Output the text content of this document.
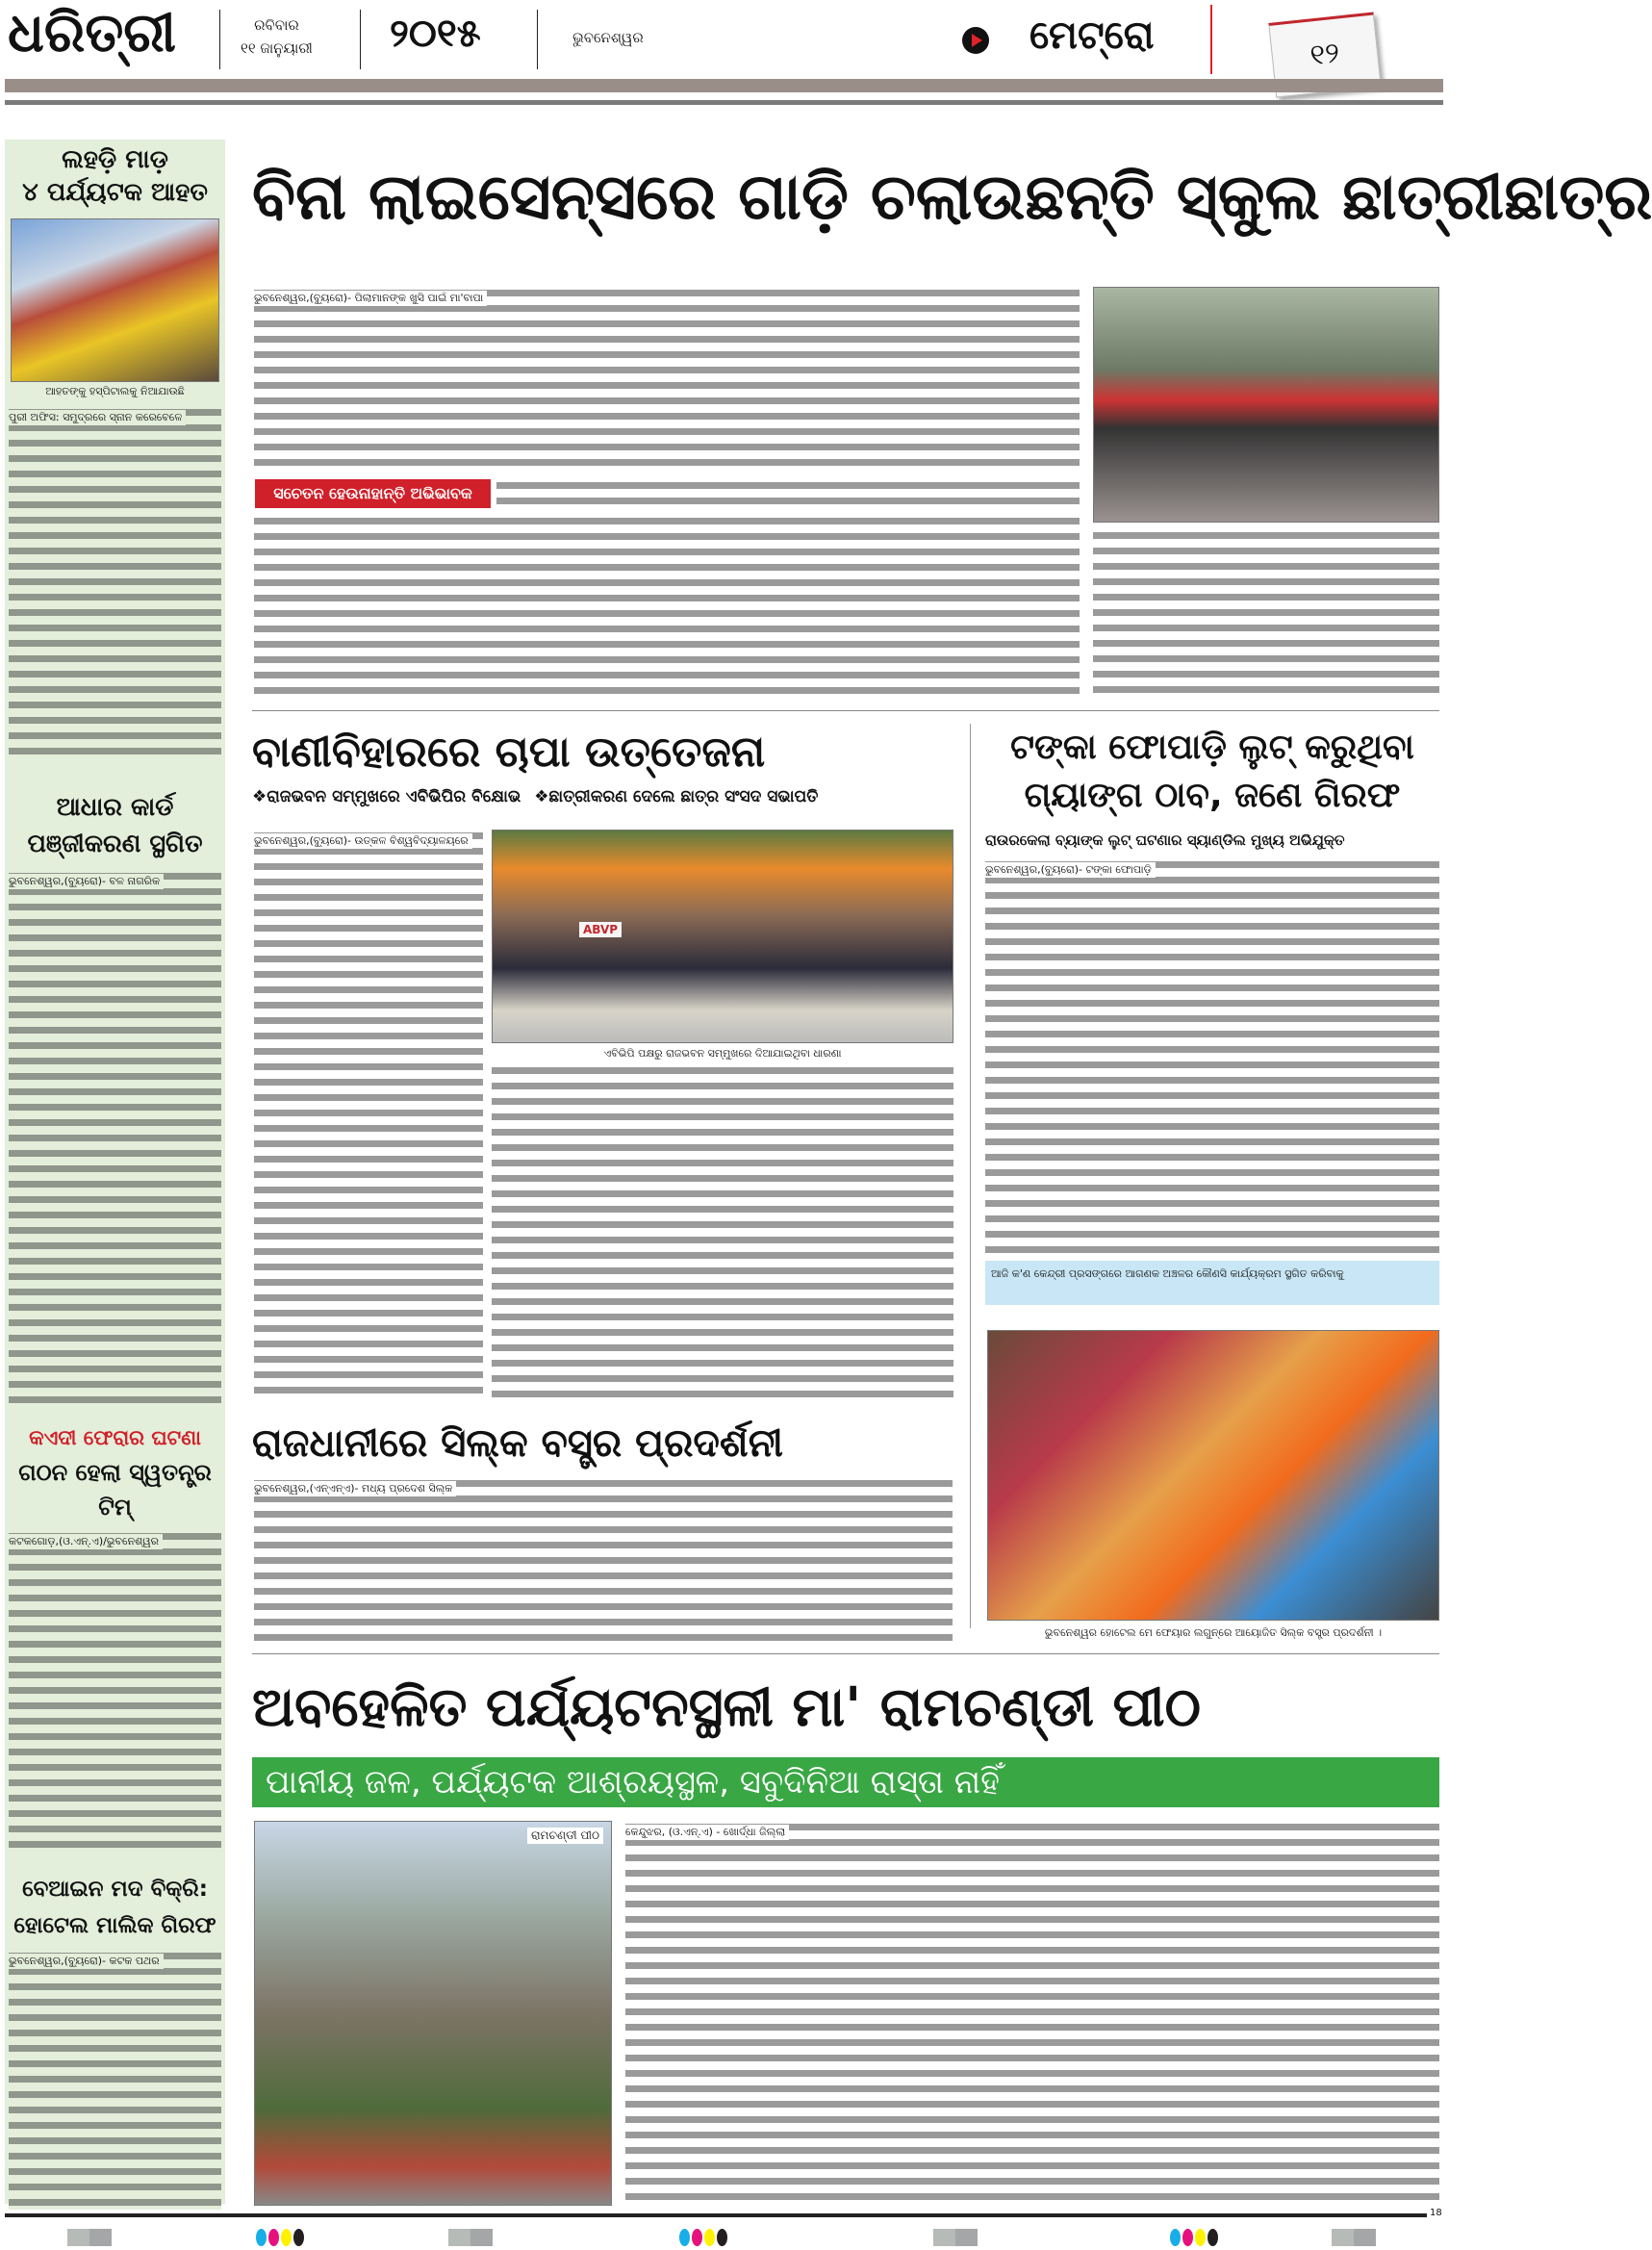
ଧରିତ୍ରୀ	ରବିବାର
୧୧ ଜାନୁୟାରୀ ୨୦୧୫	ଭୁବନେଶ୍ୱର	ମେଟ୍ରୋ	୧୨
ଲହଡ଼ି ମାଡ଼
୪ ପର୍ଯ୍ୟଟକ ଆହତ
ଆହତଙ୍କୁ ହସ୍ପିଟାଲକୁ ନିଆଯାଉଛି
ପୁରୀ ଅଫିସ: ସମୁଦ୍ରରେ ସ୍ନାନ କରେବେଳେ
ଆଧାର କାର୍ଡ
ପଞ୍ଜୀକରଣ ସ୍ଥଗିତ
ଭୁବନେଶ୍ୱର,(ବ୍ୟୁରୋ)- ବଳ ନାଗରିକ
କଏଦୀ ଫେରାର ଘଟଣା
ଗଠନ ହେଲା ସ୍ୱତନ୍ତ୍ର ଟିମ୍
କଟକଗୋଡ଼,(ଓ.ଏନ୍.ଏ)/ଭୁବନେଶ୍ୱର
ବେଆଇନ ମଦ ବିକ୍ରି:
ହୋଟେଲ ମାଲିକ ଗିରଫ
ଭୁବନେଶ୍ୱର,(ବ୍ୟୁରୋ)- କଟକ ପଥର
ବିନା ଲାଇସେନ୍ସରେ ଗାଡ଼ି ଚଲାଉଛନ୍ତି ସ୍କୁଲ ଛାତ୍ରୀଛାତ୍ର
ଭୁବନେଶ୍ୱର,(ବ୍ୟୁରୋ)- ପିଲାମାନଙ୍କ ଖୁସି ପାଇଁ ମା'ବାପା
ସଚେତନ ହେଉନାହାନ୍ତି ଅଭିଭାବକ
ବାଣୀବିହାରରେ ଚାପା ଉତ୍ତେଜନା
❖ରାଜଭବନ ସମ୍ମୁଖରେ ଏବିଭିପିର ବିକ୍ଷୋଭ ❖ଛାତ୍ରୀକରଣ ଦେଲେ ଛାତ୍ର ସଂସଦ ସଭାପତି
ଭୁବନେଶ୍ୱର,(ବ୍ୟୁରୋ)- ଉତ୍କଳ ବିଶ୍ୱବିଦ୍ୟାଳୟରେ
ABVP
ଏବିଭିପି ପକ୍ଷରୁ ରାଜଭବନ ସମ୍ମୁଖରେ ଦିଆଯାଇଥିବା ଧାରଣା
ଟଙ୍କା ଫୋପାଡ଼ି ଲୁଟ୍ କରୁଥିବା
ଗ୍ୟାଙ୍ଗ ଠାବ, ଜଣେ ଗିରଫ
ରାଉରକେଲା ବ୍ୟାଙ୍କ ଲୁଟ୍ ଘଟଣାର ସ୍ୟାଣ୍ଡିଲ ମୁଖ୍ୟ ଅଭିଯୁକ୍ତ
ଭୁବନେଶ୍ୱର,(ବ୍ୟୁରୋ)- ଟଙ୍କା ଫୋପାଡ଼ି
ଆଜି କ'ଣ କେନ୍ଦ୍ରୀ ପ୍ରସଙ୍ଗରେ ଆଗଣକ ଅଞ୍ଚଳର କୌଣସି କାର୍ଯ୍ୟକ୍ରମ ସ୍ଥଗିତ କରିବାକୁ
ଭୁବନେଶ୍ୱର ହୋଟେଲ ମେ ଫେୟାର ଲଗୁନ୍‌ରେ ଆୟୋଜିତ ସିଲ୍କ ବସ୍ତ୍ର ପ୍ରଦର୍ଶନୀ ।
ରାଜଧାନୀରେ ସିଲ୍କ ବସ୍ତ୍ର ପ୍ରଦର୍ଶନୀ
ଭୁବନେଶ୍ୱର,(ଏନ୍‌ଏନ୍‌ଏ)- ମଧ୍ୟ ପ୍ରଦେଶ ସିଲ୍କ
ଅବହେଳିତ ପର୍ଯ୍ୟଟନସ୍ଥଳୀ ମା' ରାମଚଣ୍ଡୀ ପୀଠ
ପାନୀୟ ଜଳ, ପର୍ଯ୍ୟଟକ ଆଶ୍ରୟସ୍ଥଳ, ସବୁଦିନିଆ ରାସ୍ତା ନାହିଁ
ରାମଚଣ୍ଡୀ ପୀଠ	କେନ୍ଦୁଝର, (ଓ.ଏନ୍.ଏ) - ଖୋର୍ଦ୍ଧା ଜିଲ୍ଲା
18
